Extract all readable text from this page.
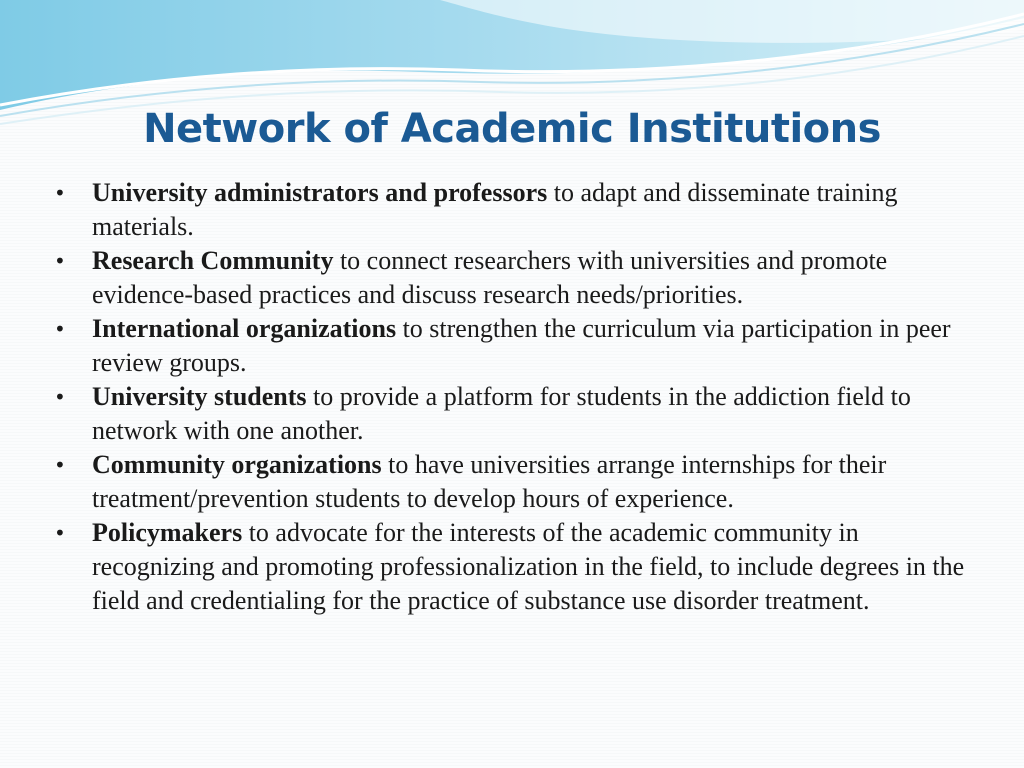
Network of Academic Institutions
• University administrators and professors to adapt and disseminate training materials.
• Research Community to connect researchers with universities and promote evidence-based practices and discuss research needs/priorities.
• International organizations to strengthen the curriculum via participation in peer review groups.
• University students to provide a platform for students in the addiction field to network with one another.
• Community organizations to have universities arrange internships for their treatment/prevention students to develop hours of experience.
• Policymakers to advocate for the interests of the academic community in recognizing and promoting professionalization in the field, to include degrees in the field and credentialing for the practice of substance use disorder treatment.
